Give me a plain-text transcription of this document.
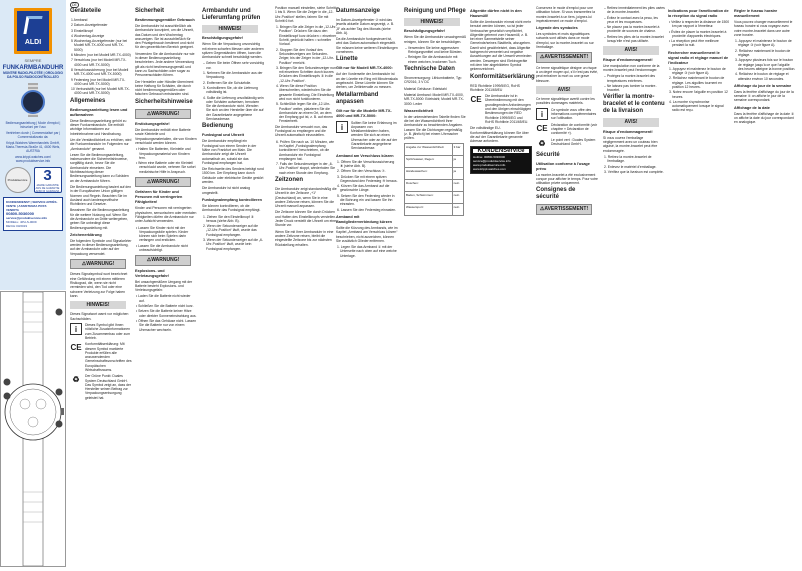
ALDI
SEMPRE
FUNKARMBANDUHR
MONTRE RADIO-PILOTÉE | OROLOGIO DA POLSO RADIOCONTROLLATO
Bedienungsanleitung | Mode d'emploi | Istruzioni per l'uso
Vertrieben durch | Commercialisé par | Commercializzato da:
Krippl-Watches Warenhandels GmbH, Maria-Theresia-Straße 41, 4600 Wels, AUSTRIA
www.krippl-watches.com/ www.produktservice.info
Produktservice	3
JAHRE GARANTIE ANS DE GARANTIE ANNI DI GARANZIA
KUNDENDIENST | SERVICE APRÈS-VENTE | ASSISTENZA POST-VENDITA
00800-5036000
service@produktservice.info
MODELL: 4PH-S-0009
DE/CH 03/2019
DE
Geräteteile
1 Armband
2 Datum-Anzeigefenster
3 Einstellknopf
4 Wochentag-Anzeige
5 Wochentag-Anzeigefenster (nur bei Modell MR-TX-4000 und MR-TX-5000)
6 Minuten (nur bei Modell MR-TX-4000)
7 Verschluss (nur bei Modell MR-TX-4000 und MR-TX-5000)
8 Verschlusssicherung (nur bei Modell MR-TX-4000 und MR-TX-5000)
9 Federsteg (nur bei Modell MR-TX-4000 und MR-TX-5000)
10 Verbundstift (nur bei Modell MR-TX-4000 und MR-TX-5000)
Allgemeines
Bedienungsanleitung lesen und aufbewahren

Diese Bedienungsanleitung gehört zu dieser Funkarmbanduhr. Sie enthält wichtige Informationen zur Inbetriebnahme und Handhabung.

Um die Verständlichkeit zu erhöhen, wird die Funkarmbanduhr im Folgenden nur „Armbanduhr“ genannt.

Lesen Sie die Bedienungsanleitung, insbesondere die Sicherheitshinweise, sorgfältig durch, bevor Sie die Armbanduhr einsetzen. Die Nichtbeachtung dieser Bedienungsanleitung kann zu Schäden an der Armbanduhr führen.

Die Bedienungsanleitung basiert auf den in der Europäischen Union gültigen Normen und Regeln. Beachten Sie im Ausland auch landesspezifische Richtlinien und Gesetze.

Bewahren Sie die Bedienungsanleitung für die weitere Nutzung auf. Wenn Sie die Armbanduhr an Dritte weitergeben, geben Sie unbedingt diese Bedienungsanleitung mit.

Zeichenerklärung

Die folgenden Symbole und Signalwörter werden in dieser Bedienungsanleitung, auf der Armbanduhr oder auf der Verpackung verwendet.

⚠WARNUNG!

Dieses Signalsymbol/-wort bezeichnet eine Gefährdung mit einem mittleren Risikograd, die, wenn sie nicht vermieden wird, den Tod oder eine schwere Verletzung zur Folge haben kann.

HINWEIS!

Dieses Signalwort warnt vor möglichen Sachschäden.

i	Dieses Symbol gibt Ihnen nützliche Zusatzinformationen zum Zusammenbau oder zum Betrieb.
CE Konformitätserklärung: Mit diesem Symbol markierte Produkte erfüllen alle anzuwendenden Gemeinschaftsvorschriften des Europäischen Wirtschaftsraums.
♻	Der Grüne Punkt: Duales System Deutschland GmbH. Das Symbol zeigt an, dass der Hersteller seinen Beitrag zur Verpackungsentsorgung geleistet hat.
Sicherheit
Bestimmungsgemäßer Gebrauch

Die Armbanduhr ist ausschließlich als Armbanduhr konzipiert, um die Uhrzeit, das Datum und den Wochentag anzuzeigen. Sie ist ausschließlich für den Privatgebrauch bestimmt und nicht für den gewerblichen Bereich geeignet.

Verwenden Sie die Armbanduhr nur wie in dieser Bedienungsanleitung beschrieben. Jede andere Verwendung gilt als nicht bestimmungsgemäß und kann zu Sachschäden oder sogar zu Personenschäden führen.

Der Hersteller oder Händler übernimmt keine Haftung für Schäden, die durch nicht bestimmungsgemäßen oder falschen Gebrauch entstanden sind.

Sicherheitshinweise
⚠WARNUNG!
Erstickungsgefahr!

Die Armbanduhr enthält eine Batterie sowie Kleinteile und Verpackungsmaterialien, die von Kindern verschluckt werden können.

• Halten Sie Batterien, Kleinteile und Verpackungsmaterial von Kindern fern.
• Wenn eine Batterie oder ein Kleinteil verschluckt wurde, nehmen Sie sofort medizinische Hilfe in Anspruch.
⚠WARNUNG!
Gefahren für Kinder und Personen mit verringerten Fähigkeiten!

Kinder und Personen mit verringerten physischen, sensorischen oder mentalen Fähigkeiten dürfen die Armbanduhr nur unter Aufsicht verwenden.

• Lassen Sie Kinder nicht mit der Verpackungsfolie spielen. Kinder können sich beim Spielen darin verfangen und ersticken.
• Lassen Sie die Armbanduhr nicht unbeaufsichtigt.
⚠WARNUNG!
Explosions- und Verletzungsgefahr!

Bei unsachgemäßem Umgang mit der Batterie besteht Explosions- und Verletzungsgefahr.

• Laden Sie die Batterie nicht wieder auf.
• Schließen Sie die Batterie nicht kurz.
• Setzen Sie die Batterie keiner Hitze oder direkter Sonneneinstrahlung aus.
• Öffnen Sie das Gehäuse nicht. Lassen Sie die Batterie nur von einem Uhrmacher wechseln.
Armbanduhr und Lieferumfang prüfen
HINWEIS!
Beschädigungsgefahr!

Wenn Sie die Verpackung unvorsichtig mit einem scharfen Messer oder anderen spitzen Gegenständen öffnen, kann die Armbanduhr schnell beschädigt werden.

– Gehen Sie beim Öffnen sehr vorsichtig vor.
1. Nehmen Sie die Armbanduhr aus der Verpackung.
2. Entfernen Sie die Schutzfolie.
3. Kontrollieren Sie, ob die Lieferung vollständig ist.
4. Sollte die Lieferung unvollständig sein oder Schäden aufweisen, benutzen Sie die Armbanduhr nicht. Wenden Sie sich an den Hersteller über die auf der Garantiekarte angegebene Serviceadresse.
Bedienung
Funksignal und Uhrzeit

Die Armbanduhr empfängt ein Funksignal von einem Sender in der Nähe von Frankfurt am Main. Die Armbanduhr zeigt die Uhrzeit automatisch an, sobald sie das Funksignal empfangen hat.

Die Reichweite des Senders beträgt rund 1500 km. Der Empfang kann durch Gebäude oder elektrische Geräte gestört werden.

Die Armbanduhr ist nicht analog umgestellt.

Funksignalempfang kontrollieren

Sie können kontrollieren, ob die Armbanduhr das Funksignal empfängt.

1. Ziehen Sie den Einstellknopf ③ heraus (siehe Abb. B).
2. Wenn der Sekundenzeiger auf die „12-Uhr-Position“ läuft, wurde das Funksignal empfangen.
3. Wenn der Sekundenzeiger auf die „6-Uhr-Position“ läuft, wurde kein Funksignal empfangen.

Position manuell einstellen, siehe Schritt 1 bis 5. Wenn Sie die Zeiger in die „12-Uhr-Position“ stellen, fahren Sie mit Schritt 6 fort.

1. Bringen Sie alle Zeiger in die „12-Uhr-Position“. Drücken Sie dazu den Einstellknopf kurz drücken = einzelner Schritt, gedrückt halten = schneller Vorlauf.
2. Stoppen Sie den Vorlauf des Sekundenzeigers am Sekunden-Zeiger, bis der Zeiger in der „12-Uhr-Position“ erreicht.
3. Bringen Sie den Sekundenzeiger nun mit einzelnen Schritten durch kurzes Drücken des Einstellknopfs ③ in die „12-Uhr-Position“.
4. Wenn Sie diese Position überschreiten, wiederholen Sie die gesamte Einstellung. Die Einstellung wird nun nicht funktionieren.
5. Schließlich legen Sie die „12-Uhr-Position“ weiter, platzieren Sie die Armbanduhr an einem Ort, an dem der Empfang gut ist, z. B. auf einem Fensterbrett.

Die Armbanduhr versucht nun, das Funksignal zu empfangen und die Uhrzeit automatisch einzustellen.

6. Prüfen Sie nach ca. 10 Minuten, wie im Kapitel „Funksignalempfang kontrollieren“ beschrieben, ob die Armbanduhr ein Funksignal empfangen hat.
7. Falls der Sekundenzeiger in der „6-Uhr-Position“ stoppt, wiederholen Sie nach einer Stunde den Empfang.
Zeitzonen

Die Armbanduhr zeigt standardmäßig die Uhrzeit in der Zeitzone „+1“ (Deutschland) an, wenn Sie in eine andere Zeitzone reisen, können Sie die Uhrzeit manuell anpassen.

Die Zeitzone können Sie durch Drücken und Halten des Einstellknopfs verstellen. Jeder Druck verstellt die Uhrzeit um eine Stunde vor.

Wenn Sie mit Ihrer Armbanduhr in eine andere Zeitzone reisen, bleibt die eingestellte Zeitzone bis zur nächsten Rückstellung erhalten.

Datumsanzeige

Im Datum-Anzeigefenster ② wird das jeweils aktuelle Datum angezeigt, z. B. „8“ als achter Tag des Monats (siehe Abb. A).

Da die Armbanduhr funkgesteuert ist, wird das Datum automatisch eingestellt. Sie müssen keine weiteren Einstellungen vornehmen.

Lünette
Gilt nur für Modell MR-TX-4000:

Auf der Vorderseite der Armbanduhr ist an der Lünette ein Ring mit Minutenskala angebracht. Diese Lünette können Sie drehen, um Zeitintervalle zu messen.

Metallarmband anpassen
Gilt nur für die Modelle MR-TX-4000 und MR-TX-5000:
i	Sollten Sie keine Erfahrung im Anpassen von Metallarmbändern haben, wenden Sie sich an einen Uhrmacher oder an die auf der Garantiekarte angegebene Serviceadresse.
Armband am Verschluss kürzen
1. Öffnen Sie die Verschlusssicherung ⑧ (siehe Abb. B).
2. Öffnen Sie den Verschluss ⑦.
3. Drücken Sie mit einem spitzen Gegenstand den Federsteg ⑨ heraus.
4. Kürzen Sie das Armband auf die gewünschte Länge.
5. Setzen Sie den Federsteg wieder in die Bohrung ein und lassen Sie ihn einrasten.
6. Lassen Sie den Federsteg einrasten.
Armband mit Bandgliederverbindung kürzen

Sollte die Kürzung des Armbands, wie im Kapitel „Armband am Verschluss kürzen“ beschrieben, nicht ausreichen, können Sie zusätzlich Glieder entfernen.

1. Legen Sie das Armband ① mit der Unterseite nach oben auf eine weiche Unterlage.
Reinigung und Pflege
HINWEIS!
Beschädigungsgefahr!

Wenn Sie die Armbanduhr unsachgemäß reinigen, können Sie sie beschädigen.

– Verwenden Sie keine aggressiven Reinigungsmittel und keine Bürsten.
– Reinigen Sie die Armbanduhr mit einem weichen, trockenen Tuch.
Technische Daten

Stromversorgung: Lithiumbatterie, Typ CR2016, 3 V DC

Material Gehäuse: Edelstahl

Material Armband: Modell MR-TX-4000, MR-TX-5000: Edelstahl; Modell MR-TX-3000: Leder

Wasserdichtheit

In der untenstehenden Tabelle finden Sie die bei der Wasserdichtheit Ihrer Armbanduhr zu beachtenden Angaben. Lassen Sie die Dichtungen regelmäßig (z. B. jährlich) bei einem Uhrmacher prüfen.

Angabe zur Wasserdichtheit:	3 bar
Spritzwasser, Regen:	ja
Händewaschen:	ja
Duschen:	nein
Baden, Schwimmen:	nein
Wassersport:	nein
Altgeräte dürfen nicht in den Hausmüll!

Sollte die Armbanduhr einmal nicht mehr benutzt werden können, so ist jeder Verbraucher gesetzlich verpflichtet, Altgeräte getrennt vom Hausmüll, z. B. bei einer Sammelstelle seiner Gemeinde/seines Stadtteils, abzugeben. Damit wird gewährleistet, dass Altgeräte fachgerecht verwertet und negative Auswirkungen auf die Umwelt vermieden werden. Deswegen sind Elektrogeräte mit dem hier abgebildeten Symbol gekennzeichnet.

Konformitätserklärung

RED Richtlinie 1999/5/EG, RoHS Richtlinie 2011/65/EU

CE Die Armbanduhr ist in Übereinstimmung mit den grundlegenden Anforderungen und den übrigen einschlägigen Bestimmungen der RED Richtlinie 1999/5/EG und RoHS Richtlinie 2011/65/EU.

Die vollständige EU-Konformitätserklärung können Sie über die auf der Garantiekarte genannte Adresse anfordern.

KUNDENService
Hotline: 00800-5036000
service@produktservice.info
www.produktservice.info
www.krippl-watches.com

Conservez le mode d'emploi pour une utilisation future. Si vous transmettez la montre-bracelet à un tiers, joignez-lui impérativement ce mode d'emploi.

Légende des symboles

Les symboles et mots signalétiques suivants sont utilisés dans ce mode d'emploi, sur la montre-bracelet ou sur l'emballage.

⚠AVERTISSEMENT!

Ce terme signalétique désigne un risque à un degré moyen qui, s'il n'est pas évité, peut entraîner la mort ou une grave blessure.

AVIS!

Ce terme signalétique avertit contre les possibles dommages matériels.

i	Ce symbole vous offre des informations complémentaires sur l'utilisation.
CE Déclaration de conformité (voir chapitre « Déclaration de conformité »).
♻	Le point vert : Duales System Deutschland GmbH.
Sécurité
Utilisation conforme à l'usage prévu

La montre-bracelet a été exclusivement conçue pour afficher le temps. Pour votre utilisation privée uniquement.

Consignes de sécurité
⚠AVERTISSEMENT!
– Retirez immédiatement les piles usées de la montre-bracelet.
– Évitez le contact avec la peau, les yeux et les muqueuses.
– Ne placez pas la montre-bracelet à proximité de sources de chaleur.
– Retirez les piles de la montre-bracelet lorsqu'elle n'est pas utilisée.
AVIS!
Risque d'endommagement!

Une manipulation non conforme de la montre-bracelet peut l'endommager.

– Protégez la montre-bracelet des températures extrêmes.
– Ne laissez pas tomber la montre-bracelet.
Vérifier la montre-bracelet et le contenu de la livraison
AVIS!
Risque d'endommagement!

Si vous ouvrez l'emballage négligemment avec un couteau bien aiguisé, la montre-bracelet peut être endommagée.

1. Retirez la montre-bracelet de l'emballage.
2. Enlevez le matériel d'emballage.
3. Vérifiez que la livraison est complète.
Indications pour l'amélioration de la réception du signal radio
• Veillez à respecter la distance de 1500 km par rapport à l'émetteur.
• Évitez de placer la montre-bracelet à proximité d'appareils électriques.
• La réception peut être meilleure pendant la nuit.
Rechercher manuellement le signal radio et réglage manuel de l'indicateur
1. Appuyez et maintenez le bouton de réglage ③ (voir figure A).
2. Relâchez maintenant le bouton de réglage. Les aiguilles tournent en position 12 heures.
3. Notez encore l'aiguille en position 12 heures.
4. La montre s'synchronise automatiquement lorsque le signal radio est reçu.
Régler le fuseau horaire manuellement

Vous pouvez changer manuellement le fuseau horaire si vous voyagez avec votre montre-bracelet dans une autre zone horaire.

1. Appuyez et maintenez le bouton de réglage ③ (voir figure A).
2. Relâchez maintenant le bouton de réglage.
3. Appuyez plusieurs fois sur le bouton de réglage jusqu'à ce que l'aiguille des heures atteigne la bonne position.
4. Relâchez le bouton de réglage et attendez environ 10 secondes.
Affichage du jour de la semaine

Dans la fenêtre d'affichage du jour de la semaine ⑤ on affiche le jour de la semaine correspondant.

Affichage de la date

Dans la fenêtre d'affichage de la date ② on affiche la date du jour correspondant en analogique.
